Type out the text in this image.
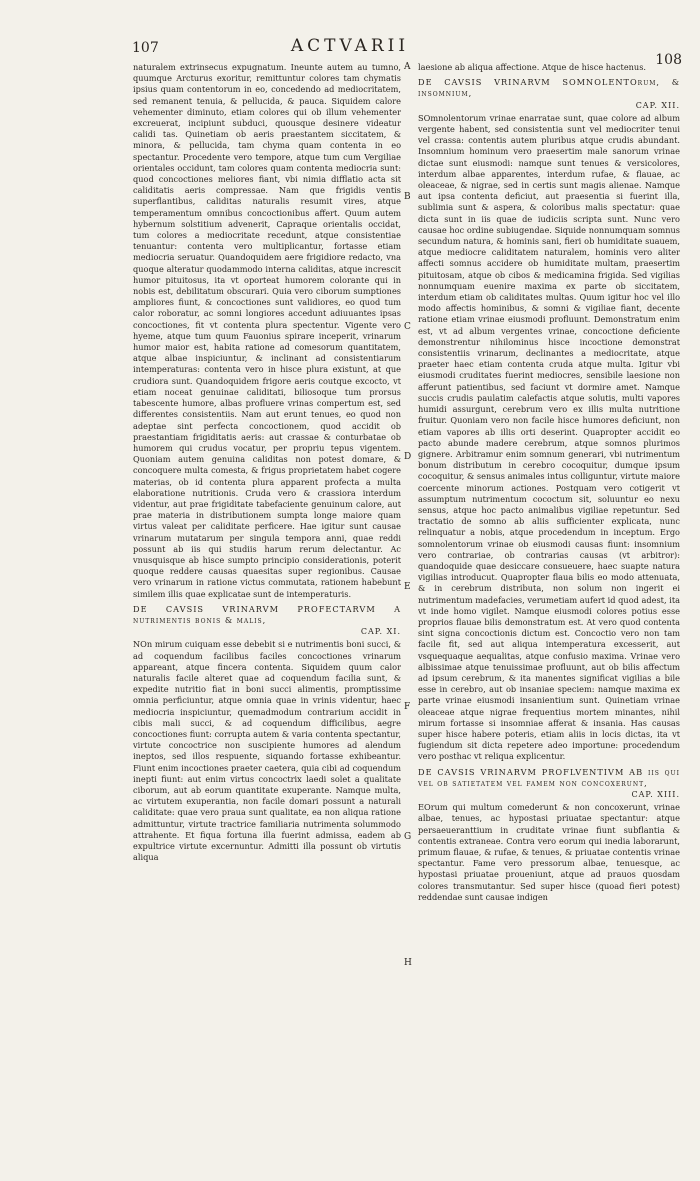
107	ACTVARII
108

naturalem extrinsecus expugnatum. Ineunte autem au tumno, quumque Arcturus exoritur, remittuntur colores tam chymatis ipsius quam contentorum in eo, concedendo ad mediocritatem, sed remanent tenuia, & pellucida, & pauca. Siquidem calore vehementer diminuto, etiam colores qui ob illum vehementer excreuerat, incipiunt subduci, quousque desinere videatur calidi tas. Quinetiam ob aeris praestantem siccitatem, & minora, & pellucida, tam chyma quam contenta in eo spectantur. Procedente vero tempore, atque tum cum Vergiliae orientales occidunt, tam colores quam contenta mediocria sunt: quod concoctiones meliores fiant, vbi nimia difflatio acta sit caliditatis aeris compressae. Nam que frigidis ventis superflantibus, caliditas naturalis resumit vires, atque temperamentum omnibus concoctionibus affert. Quum autem hybernum solstitium advenerit, Capraque orientalis occidat, tum colores a mediocritate recedunt, atque consistentiae tenuantur: contenta vero multiplicantur, fortasse etiam mediocria seruatur. Quandoquidem aere frigidiore redacto, vna quoque alteratur quodammodo interna caliditas, atque increscit humor pituitosus, ita vt oporteat humorem colorante qui in nobis est, debilitatum obscurari. Quia vero ciborum sumptiones ampliores fiunt, & concoctiones sunt validiores, eo quod tum calor roboratur, ac somni longiores accedunt adiuuantes ipsas concoctiones, fit vt contenta plura spectentur. Vigente vero hyeme, atque tum quum Fauonius spirare inceperit, vrinarum humor maior est, habita ratione ad comesorum quantitatem, atque albae inspiciuntur, & inclinant ad consistentiarum intemperaturas: contenta vero in hisce plura existunt, at que crudiora sunt. Quandoquidem frigore aeris coutque excocto, vt etiam noceat genuinae caliditati, biliosoque tum prorsus tabescente humore, albas profluere vrinas compertum est, sed differentes consistentiis. Nam aut erunt tenues, eo quod non adeptae sint perfecta concoctionem, quod accidit ob praestantiam frigiditatis aeris: aut crassae & conturbatae ob humorem qui crudus vocatur, per propriu tepus vigentem. Quoniam autem genuina caliditas non potest domare, & concoquere multa comesta, & frigus proprietatem habet cogere materias, ob id contenta plura apparent profecta a multa elaboratione nutritionis. Cruda vero & crassiora interdum videntur, aut prae frigiditate tabefaciente genuinum calore, aut prae materia in distributionem sumpta longe maiore quam virtus valeat per caliditate perficere. Hae igitur sunt causae vrinarum mutatarum per singula tempora anni, quae reddi possunt ab iis qui studiis harum rerum delectantur. Ac vnusquisque ab hisce sumpto principio considerationis, poterit quoque reddere causas quaesitas super regionibus. Causae vero vrinarum in ratione victus commutata, rationem habebunt similem illis quae explicatae sunt de intemperaturis.

DE CAVSIS VRINARVM PROFECTARVM A nutrimentis bonis & malis,
CAP. XI.

NOn mirum cuiquam esse debebit si e nutrimentis boni succi, & ad coquendum facilibus faciles concoctiones vrinarum appareant, atque fincera contenta. Siquidem quum calor naturalis facile alteret quae ad coquendum facilia sunt, & expedite nutritio fiat in boni succi alimentis, promptissime omnia perficiuntur, atque omnia quae in vrinis videntur, haec mediocria inspiciuntur, quemadmodum contrarium accidit in cibis mali succi, & ad coquendum difficilibus, aegre concoctiones fiunt: corrupta autem & varia contenta spectantur, virtute concoctrice non suscipiente humores ad alendum ineptos, sed illos respuente, siquando fortasse exhibeantur. Fiunt enim incoctiones praeter caetera, quia cibi ad coquendum inepti fiunt: aut enim virtus concoctrix laedi solet a qualitate ciborum, aut ab eorum quantitate exuperante. Namque multa, ac virtutem exuperantia, non facile domari possunt a naturali caliditate: quae vero praua sunt qualitate, ea non aliqua ratione admittuntur, virtute tractrice familiaria nutrimenta solummodo attrahente. Et fiqua fortuna illa fuerint admissa, eadem ab expultrice virtute excernuntur. Admitti illa possunt ob virtutis aliqua

A
B
C
D
E
F
G
H

laesione ab aliqua affectione. Atque de hisce hactenus.

DE CAVSIS VRINARVM SOMNOLENTOrum, & insomnium,
CAP. XII.

SOmnolentorum vrinae enarratae sunt, quae colore ad album vergente habent, sed consistentia sunt vel mediocriter tenui vel crassa: contentis autem pluribus atque crudis abundant. Insomnium hominum vero praesertim male sanorum vrinae dictae sunt eiusmodi: namque sunt tenues & versicolores, interdum albae apparentes, interdum rufae, & flauae, ac oleaceae, & nigrae, sed in certis sunt magis alienae. Namque aut ipsa contenta deficiut, aut praesentia si fuerint illa, sublimia sunt & aspera, & coloribus malis spectatur: quae dicta sunt in iis quae de iudiciis scripta sunt. Nunc vero causae hoc ordine subiugendae. Siquide nonnumquam somnus secundum natura, & hominis sani, fieri ob humiditate suauem, atque mediocre caliditatem naturalem, hominis vero aliter affecti somnus accidere ob humiditate multam, praesertim pituitosam, atque ob cibos & medicamina frigida. Sed vigilias nonnumquam euenire maxima ex parte ob siccitatem, interdum etiam ob caliditates multas. Quum igitur hoc vel illo modo affectis hominibus, & somni & vigiliae fiant, decente ratione etiam vrinae eiusmodi profluunt. Demonstratum enim est, vt ad album vergentes vrinae, concoctione deficiente demonstrentur nihilominus hisce incoctione demonstrat consistentiis vrinarum, declinantes a mediocritate, atque praeter haec etiam contenta cruda atque multa. Igitur vbi eiusmodi cruditates fuerint mediocres, sensibile laesione non afferunt patientibus, sed faciunt vt dormire amet. Namque succis crudis paulatim calefactis atque solutis, multi vapores humidi assurgunt, cerebrum vero ex illis multa nutritione fruitur. Quoniam vero non facile hisce humores deficiunt, non etiam vapores ab illis orti deserint. Quapropter accidit eo pacto abunde madere cerebrum, atque somnos plurimos gignere. Arbitramur enim somnum generari, vbi nutrimentum bonum distributum in cerebro cocoquitur, dumque ipsum cocoquitur, & sensus animales intus colliguntur, virtute maiore coercente minorum actiones. Postquam vero cotigerit vt assumptum nutrimentum cococtum sit, soluuntur eo nexu sensus, atque hoc pacto animalibus vigiliae repetuntur. Sed tractatio de somno ab aliis sufficienter explicata, nunc relinquatur a nobis, atque procedendum in inceptum. Ergo somnolentorum vrinae ob eiusmodi causas fiunt: insomnium vero contrariae, ob contrarias causas (vt arbitror): quandoquide quae desiccare consueuere, haec suapte natura vigilias introducut. Quapropter flaua bilis eo modo attenuata, & in cerebrum distributa, non solum non ingerit ei nutrimentum madefacies, verumetiam aufert id quod adest, ita vt inde homo vigilet. Namque eiusmodi colores potius esse proprios flauae bilis demonstratum est. At vero quod contenta sint signa concoctionis dictum est. Concoctio vero non tam facile fit, sed aut aliqua intemperatura excesserit, aut vsquequaque aequalitas, atque confusio maxima. Vrinae vero albissimae atque tenuissimae profluunt, aut ob bilis affectum ad ipsum cerebrum, & ita manentes significat vigilias a bile esse in cerebro, aut ob insaniae speciem: namque maxima ex parte vrinae eiusmodi insanientium sunt. Quinetiam vrinae oleaceae atque nigrae frequentius mortem minantes, nihil mirum fortasse si insomniae afferat & insania. Has causas super hisce habere poteris, etiam aliis in locis dictas, ita vt fugiendum sit dicta repetere adeo importune: procedendum vero posthac vt reliqua explicentur.

DE CAVSIS VRINARVM PROFLVENTIVM AB iis qui vel ob satietatem vel famem non concoxerunt,
CAP. XIII.

EOrum qui multum comederunt & non concoxerunt, vrinae albae, tenues, ac hypostasi priuatae spectantur: atque persaeueranttium in cruditate vrinae fiunt subflantia & contentis extraneae. Contra vero eorum qui inedia laborarunt, primum flauae, & rufae, & tenues, & priuatae contentis vrinae spectantur. Fame vero pressorum albae, tenuesque, ac hypostasi priuatae proueniunt, atque ad prauos quosdam colores transmutantur. Sed super hisce (quoad fieri potest) reddendae sunt causae indigen
